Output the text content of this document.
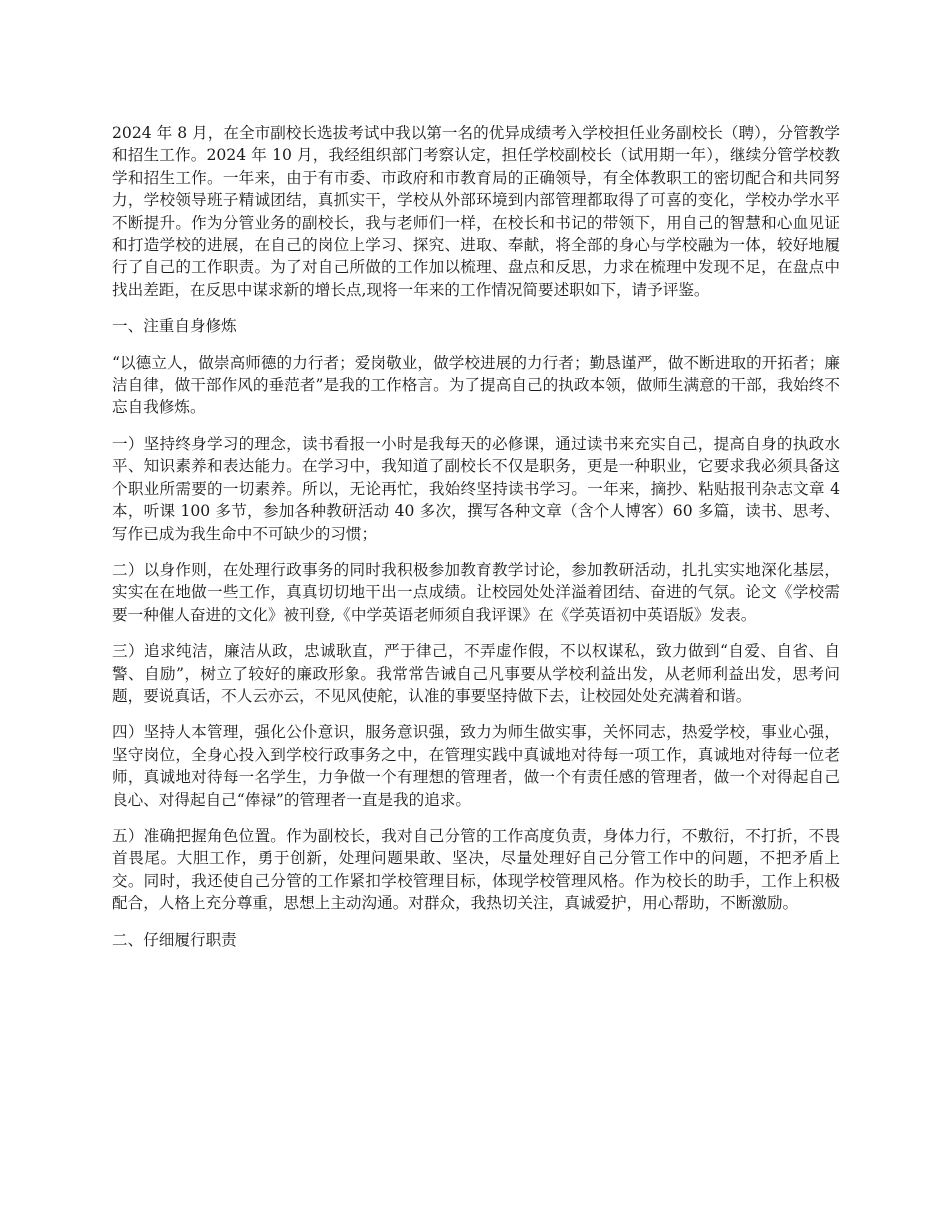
2024 年 8 月，在全市副校长选拔考试中我以第一名的优异成绩考入学校担任业务副校长（聘），分管教学和招生工作。2024 年 10 月，我经组织部门考察认定，担任学校副校长（试用期一年），继续分管学校教学和招生工作。一年来，由于有市委、市政府和市教育局的正确领导，有全体教职工的密切配合和共同努力，学校领导班子精诚团结，真抓实干，学校从外部环境到内部管理都取得了可喜的变化，学校办学水平不断提升。作为分管业务的副校长，我与老师们一样，在校长和书记的带领下，用自己的智慧和心血见证和打造学校的进展，在自己的岗位上学习、探究、进取、奉献，将全部的身心与学校融为一体，较好地履行了自己的工作职责。为了对自己所做的工作加以梳理、盘点和反思，力求在梳理中发现不足，在盘点中找出差距，在反思中谋求新的增长点,现将一年来的工作情况简要述职如下，请予评鉴。

一、注重自身修炼

“以德立人，做崇高师德的力行者；爱岗敬业，做学校进展的力行者；勤恳谨严，做不断进取的开拓者；廉洁自律，做干部作风的垂范者”是我的工作格言。为了提高自己的执政本领，做师生满意的干部，我始终不忘自我修炼。

一）坚持终身学习的理念，读书看报一小时是我每天的必修课，通过读书来充实自己，提高自身的执政水平、知识素养和表达能力。在学习中，我知道了副校长不仅是职务，更是一种职业，它要求我必须具备这个职业所需要的一切素养。所以，无论再忙，我始终坚持读书学习。一年来，摘抄、粘贴报刊杂志文章 4 本，听课 100 多节，参加各种教研活动 40 多次，撰写各种文章（含个人博客）60 多篇，读书、思考、写作已成为我生命中不可缺少的习惯；

二）以身作则，在处理行政事务的同时我积极参加教育教学讨论，参加教研活动，扎扎实实地深化基层，实实在在地做一些工作，真真切切地干出一点成绩。让校园处处洋溢着团结、奋进的气氛。论文《学校需要一种催人奋进的文化》被刊登,《中学英语老师须自我评课》在《学英语初中英语版》发表。

三）追求纯洁，廉洁从政，忠诚耿直，严于律己，不弄虚作假，不以权谋私，致力做到“自爱、自省、自警、自励”，树立了较好的廉政形象。我常常告诫自己凡事要从学校利益出发，从老师利益出发，思考问题，要说真话，不人云亦云，不见风使舵，认准的事要坚持做下去，让校园处处充满着和谐。

四）坚持人本管理，强化公仆意识，服务意识强，致力为师生做实事，关怀同志，热爱学校，事业心强，坚守岗位，全身心投入到学校行政事务之中，在管理实践中真诚地对待每一项工作，真诚地对待每一位老师，真诚地对待每一名学生，力争做一个有理想的管理者，做一个有责任感的管理者，做一个对得起自己良心、对得起自己“俸禄”的管理者一直是我的追求。

五）准确把握角色位置。作为副校长，我对自己分管的工作高度负责，身体力行，不敷衍，不打折，不畏首畏尾。大胆工作，勇于创新，处理问题果敢、坚决，尽量处理好自己分管工作中的问题，不把矛盾上交。同时，我还使自己分管的工作紧扣学校管理目标，体现学校管理风格。作为校长的助手，工作上积极配合，人格上充分尊重，思想上主动沟通。对群众，我热切关注，真诚爱护，用心帮助，不断激励。

二、仔细履行职责
